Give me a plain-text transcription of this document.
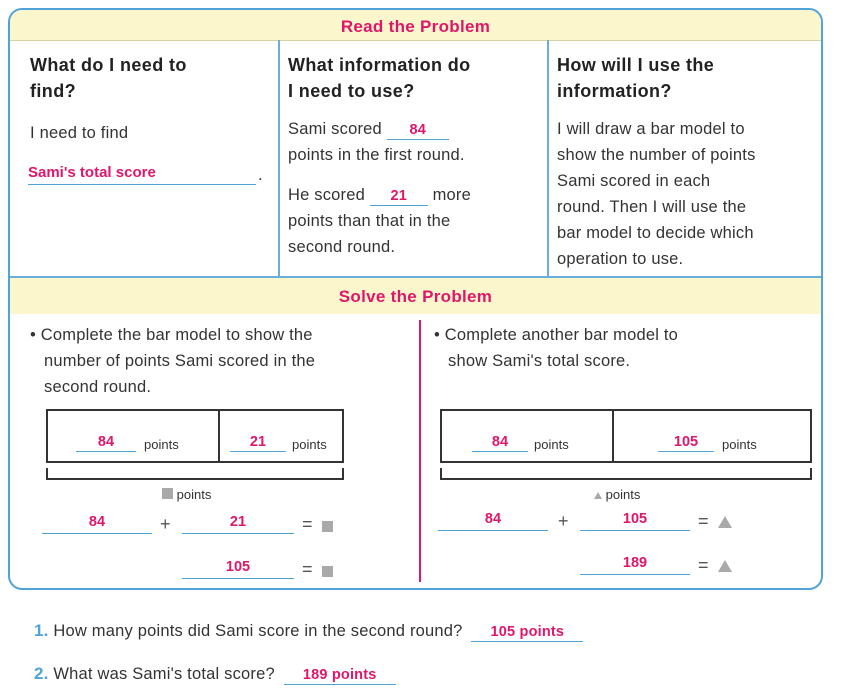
Read the Problem
What do I need to
find?
I need to find
Sami's total score	.
What information do
I need to use?
Sami scored 84
points in the first round.
He scored 21 more
points than that in the
second round.
How will I use the
information?
I will draw a bar model to
show the number of points
Sami scored in each
round. Then I will use the
bar model to decide which
operation to use.
Solve the Problem
• Complete the bar model to show the
number of points Sami scored in the
second round.
84	points	21	points
points
84	+	21	=
105	=
• Complete another bar model to
show Sami's total score.
84	points	105	points
points
84	+	105	=
189	=
1. How many points did Sami score in the second round? 105 points
2. What was Sami's total score? 189 points
